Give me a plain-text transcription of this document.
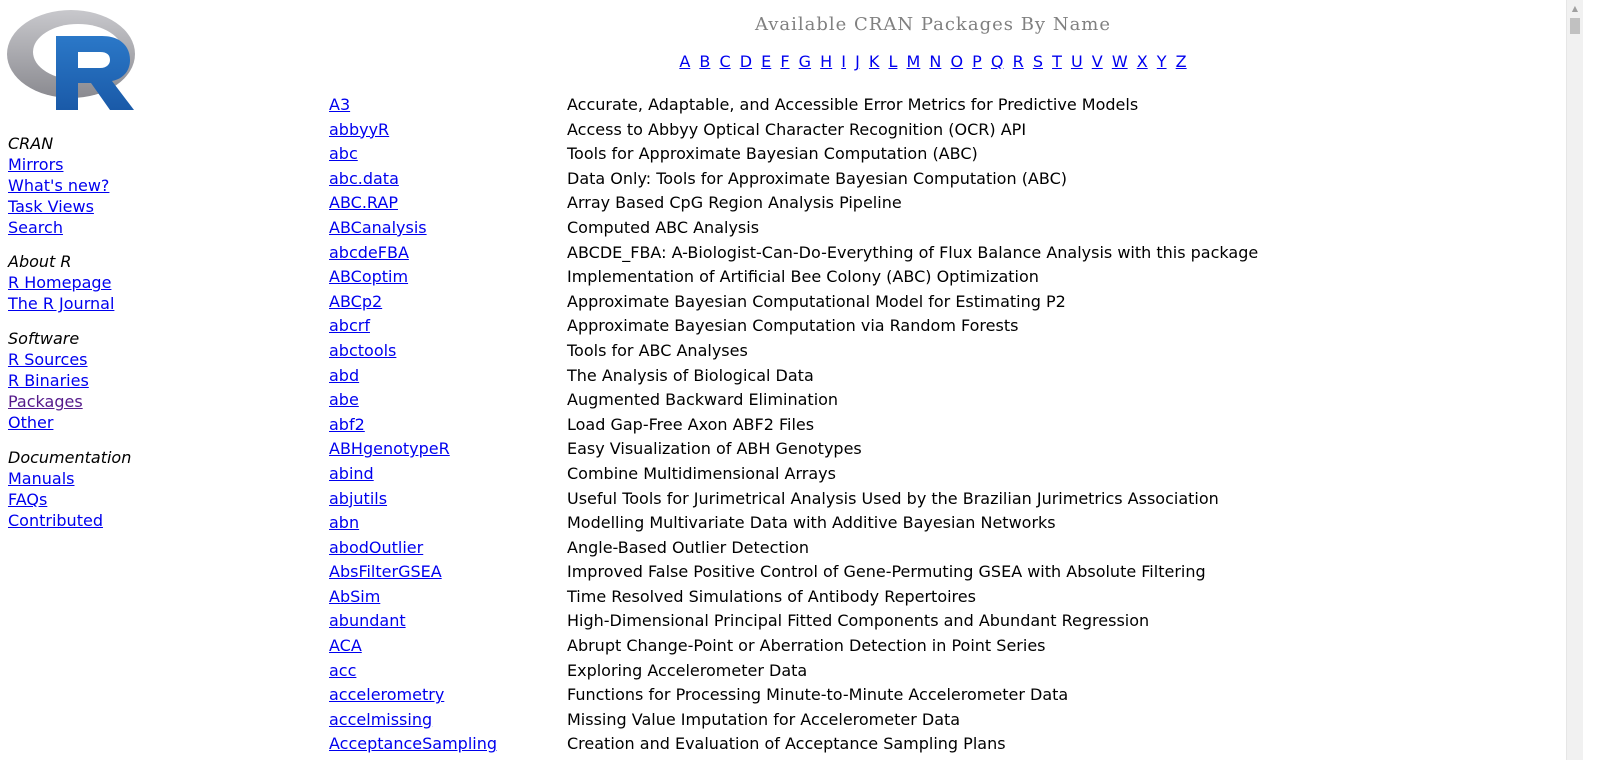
CRAN
Mirrors
What's new?
Task Views
Search
About R
R Homepage
The R Journal
Software
R Sources
R Binaries
Packages
Other
Documentation
Manuals
FAQs
Contributed
Available CRAN Packages By Name
A B C D E F G H I J K L M N O P Q R S T U V W X Y Z
A3	Accurate, Adaptable, and Accessible Error Metrics for Predictive Models
abbyyR	Access to Abbyy Optical Character Recognition (OCR) API
abc	Tools for Approximate Bayesian Computation (ABC)
abc.data	Data Only: Tools for Approximate Bayesian Computation (ABC)
ABC.RAP	Array Based CpG Region Analysis Pipeline
ABCanalysis	Computed ABC Analysis
abcdeFBA	ABCDE_FBA: A-Biologist-Can-Do-Everything of Flux Balance Analysis with this package
ABCoptim	Implementation of Artificial Bee Colony (ABC) Optimization
ABCp2	Approximate Bayesian Computational Model for Estimating P2
abcrf	Approximate Bayesian Computation via Random Forests
abctools	Tools for ABC Analyses
abd	The Analysis of Biological Data
abe	Augmented Backward Elimination
abf2	Load Gap-Free Axon ABF2 Files
ABHgenotypeR	Easy Visualization of ABH Genotypes
abind	Combine Multidimensional Arrays
abjutils	Useful Tools for Jurimetrical Analysis Used by the Brazilian Jurimetrics Association
abn	Modelling Multivariate Data with Additive Bayesian Networks
abodOutlier	Angle-Based Outlier Detection
AbsFilterGSEA	Improved False Positive Control of Gene-Permuting GSEA with Absolute Filtering
AbSim	Time Resolved Simulations of Antibody Repertoires
abundant	High-Dimensional Principal Fitted Components and Abundant Regression
ACA	Abrupt Change-Point or Aberration Detection in Point Series
acc	Exploring Accelerometer Data
accelerometry	Functions for Processing Minute-to-Minute Accelerometer Data
accelmissing	Missing Value Imputation for Accelerometer Data
AcceptanceSampling	Creation and Evaluation of Acceptance Sampling Plans
▲
